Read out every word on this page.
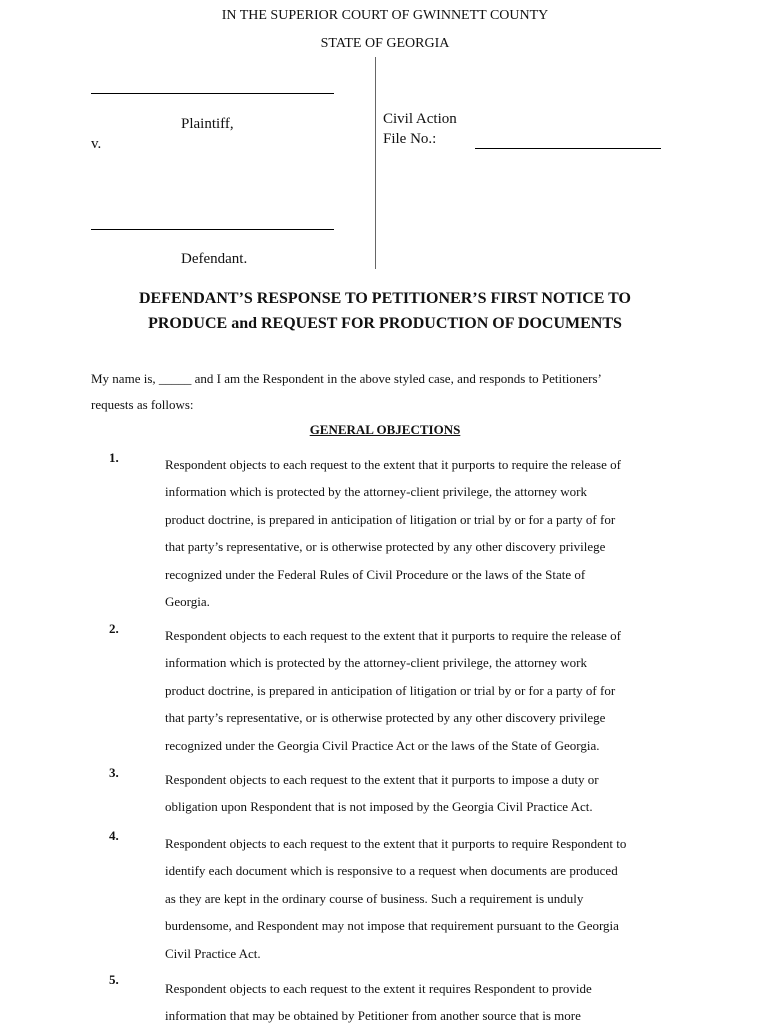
IN THE SUPERIOR COURT OF GWINNETT COUNTY
STATE OF GEORGIA
Plaintiff,
v.
Defendant.
Civil Action
File No.:
DEFENDANT’S RESPONSE TO PETITIONER’S FIRST NOTICE TO
PRODUCE and REQUEST FOR PRODUCTION OF DOCUMENTS
My name is, _____ and I am the Respondent in the above styled case, and responds to Petitioners’
requests as follows:
GENERAL OBJECTIONS
1.	Respondent objects to each request to the extent that it purports to require the release of
information which is protected by the attorney-client privilege, the attorney work
product doctrine, is prepared in anticipation of litigation or trial by or for a party of for
that party’s representative, or is otherwise protected by any other discovery privilege
recognized under the Federal Rules of Civil Procedure or the laws of the State of
Georgia.
2.	Respondent objects to each request to the extent that it purports to require the release of
information which is protected by the attorney-client privilege, the attorney work
product doctrine, is prepared in anticipation of litigation or trial by or for a party of for
that party’s representative, or is otherwise protected by any other discovery privilege
recognized under the Georgia Civil Practice Act or the laws of the State of Georgia.
3.	Respondent objects to each request to the extent that it purports to impose a duty or
obligation upon Respondent that is not imposed by the Georgia Civil Practice Act.
4.
Respondent objects to each request to the extent that it purports to require Respondent to
identify each document which is responsive to a request when documents are produced
as they are kept in the ordinary course of business. Such a requirement is unduly
burdensome, and Respondent may not impose that requirement pursuant to the Georgia
Civil Practice Act.
5.
Respondent objects to each request to the extent it requires Respondent to provide
information that may be obtained by Petitioner from another source that is more
